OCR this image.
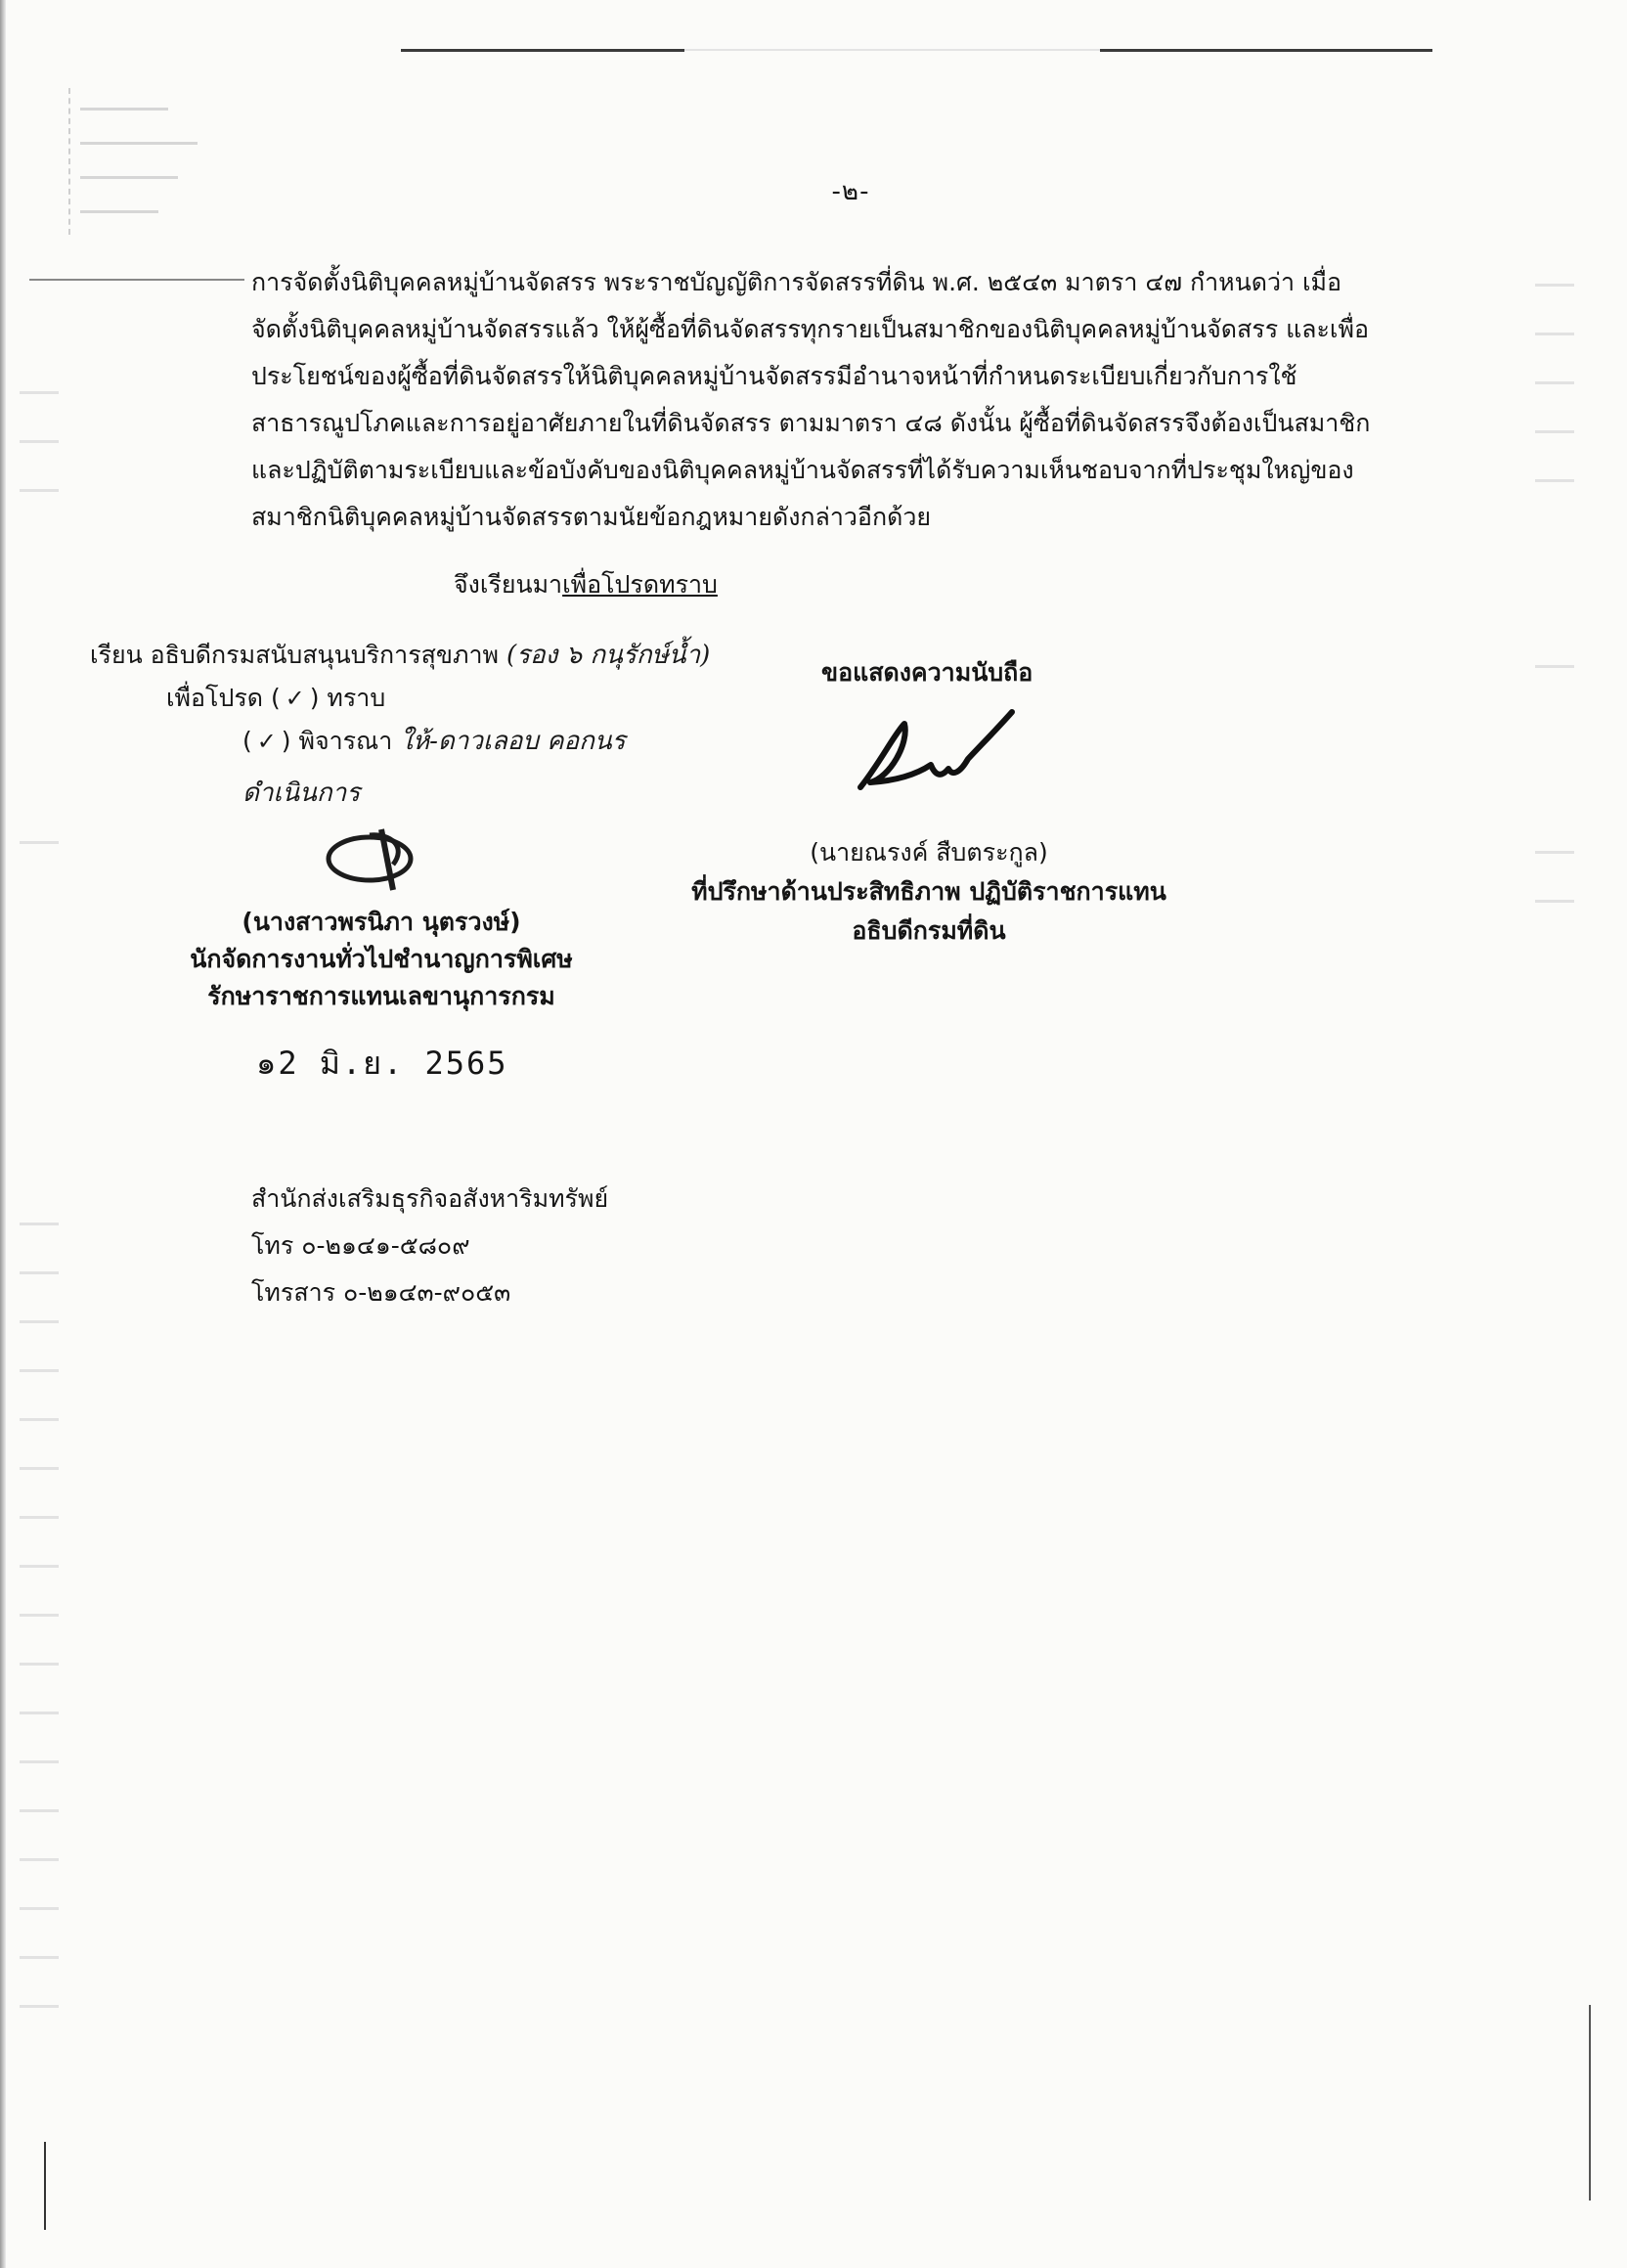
-๒-

การจัดตั้งนิติบุคคลหมู่บ้านจัดสรร พระราชบัญญัติการจัดสรรที่ดิน พ.ศ. ๒๕๔๓ มาตรา ๔๗ กำหนดว่า เมื่อ

จัดตั้งนิติบุคคลหมู่บ้านจัดสรรแล้ว ให้ผู้ซื้อที่ดินจัดสรรทุกรายเป็นสมาชิกของนิติบุคคลหมู่บ้านจัดสรร และเพื่อ

ประโยชน์ของผู้ซื้อที่ดินจัดสรรให้นิติบุคคลหมู่บ้านจัดสรรมีอำนาจหน้าที่กำหนดระเบียบเกี่ยวกับการใช้

สาธารณูปโภคและการอยู่อาศัยภายในที่ดินจัดสรร ตามมาตรา ๔๘ ดังนั้น ผู้ซื้อที่ดินจัดสรรจึงต้องเป็นสมาชิก

และปฏิบัติตามระเบียบและข้อบังคับของนิติบุคคลหมู่บ้านจัดสรรที่ได้รับความเห็นชอบจากที่ประชุมใหญ่ของ

สมาชิกนิติบุคคลหมู่บ้านจัดสรรตามนัยข้อกฎหมายดังกล่าวอีกด้วย

จึงเรียนมาเพื่อโปรดทราบ
เรียน อธิบดีกรมสนับสนุนบริการสุขภาพ (รอง ๖ กนุรักษ์น้ำ)
เพื่อโปรด ( ✓ ) ทราบ
( ✓ ) พิจารณา ให้-ดาวเลอบ คอกนร
ดำเนินการ
(นางสาวพรนิภา นุตรวงษ์)
นักจัดการงานทั่วไปชำนาญการพิเศษ
รักษาราชการแทนเลขานุการกรม
๑2 มิ.ย. 2565
ขอแสดงความนับถือ
(นายณรงค์ สืบตระกูล)
ที่ปรึกษาด้านประสิทธิภาพ ปฏิบัติราชการแทน
อธิบดีกรมที่ดิน
สำนักส่งเสริมธุรกิจอสังหาริมทรัพย์
โทร ๐-๒๑๔๑-๕๘๐๙
โทรสาร ๐-๒๑๔๓-๙๐๕๓
